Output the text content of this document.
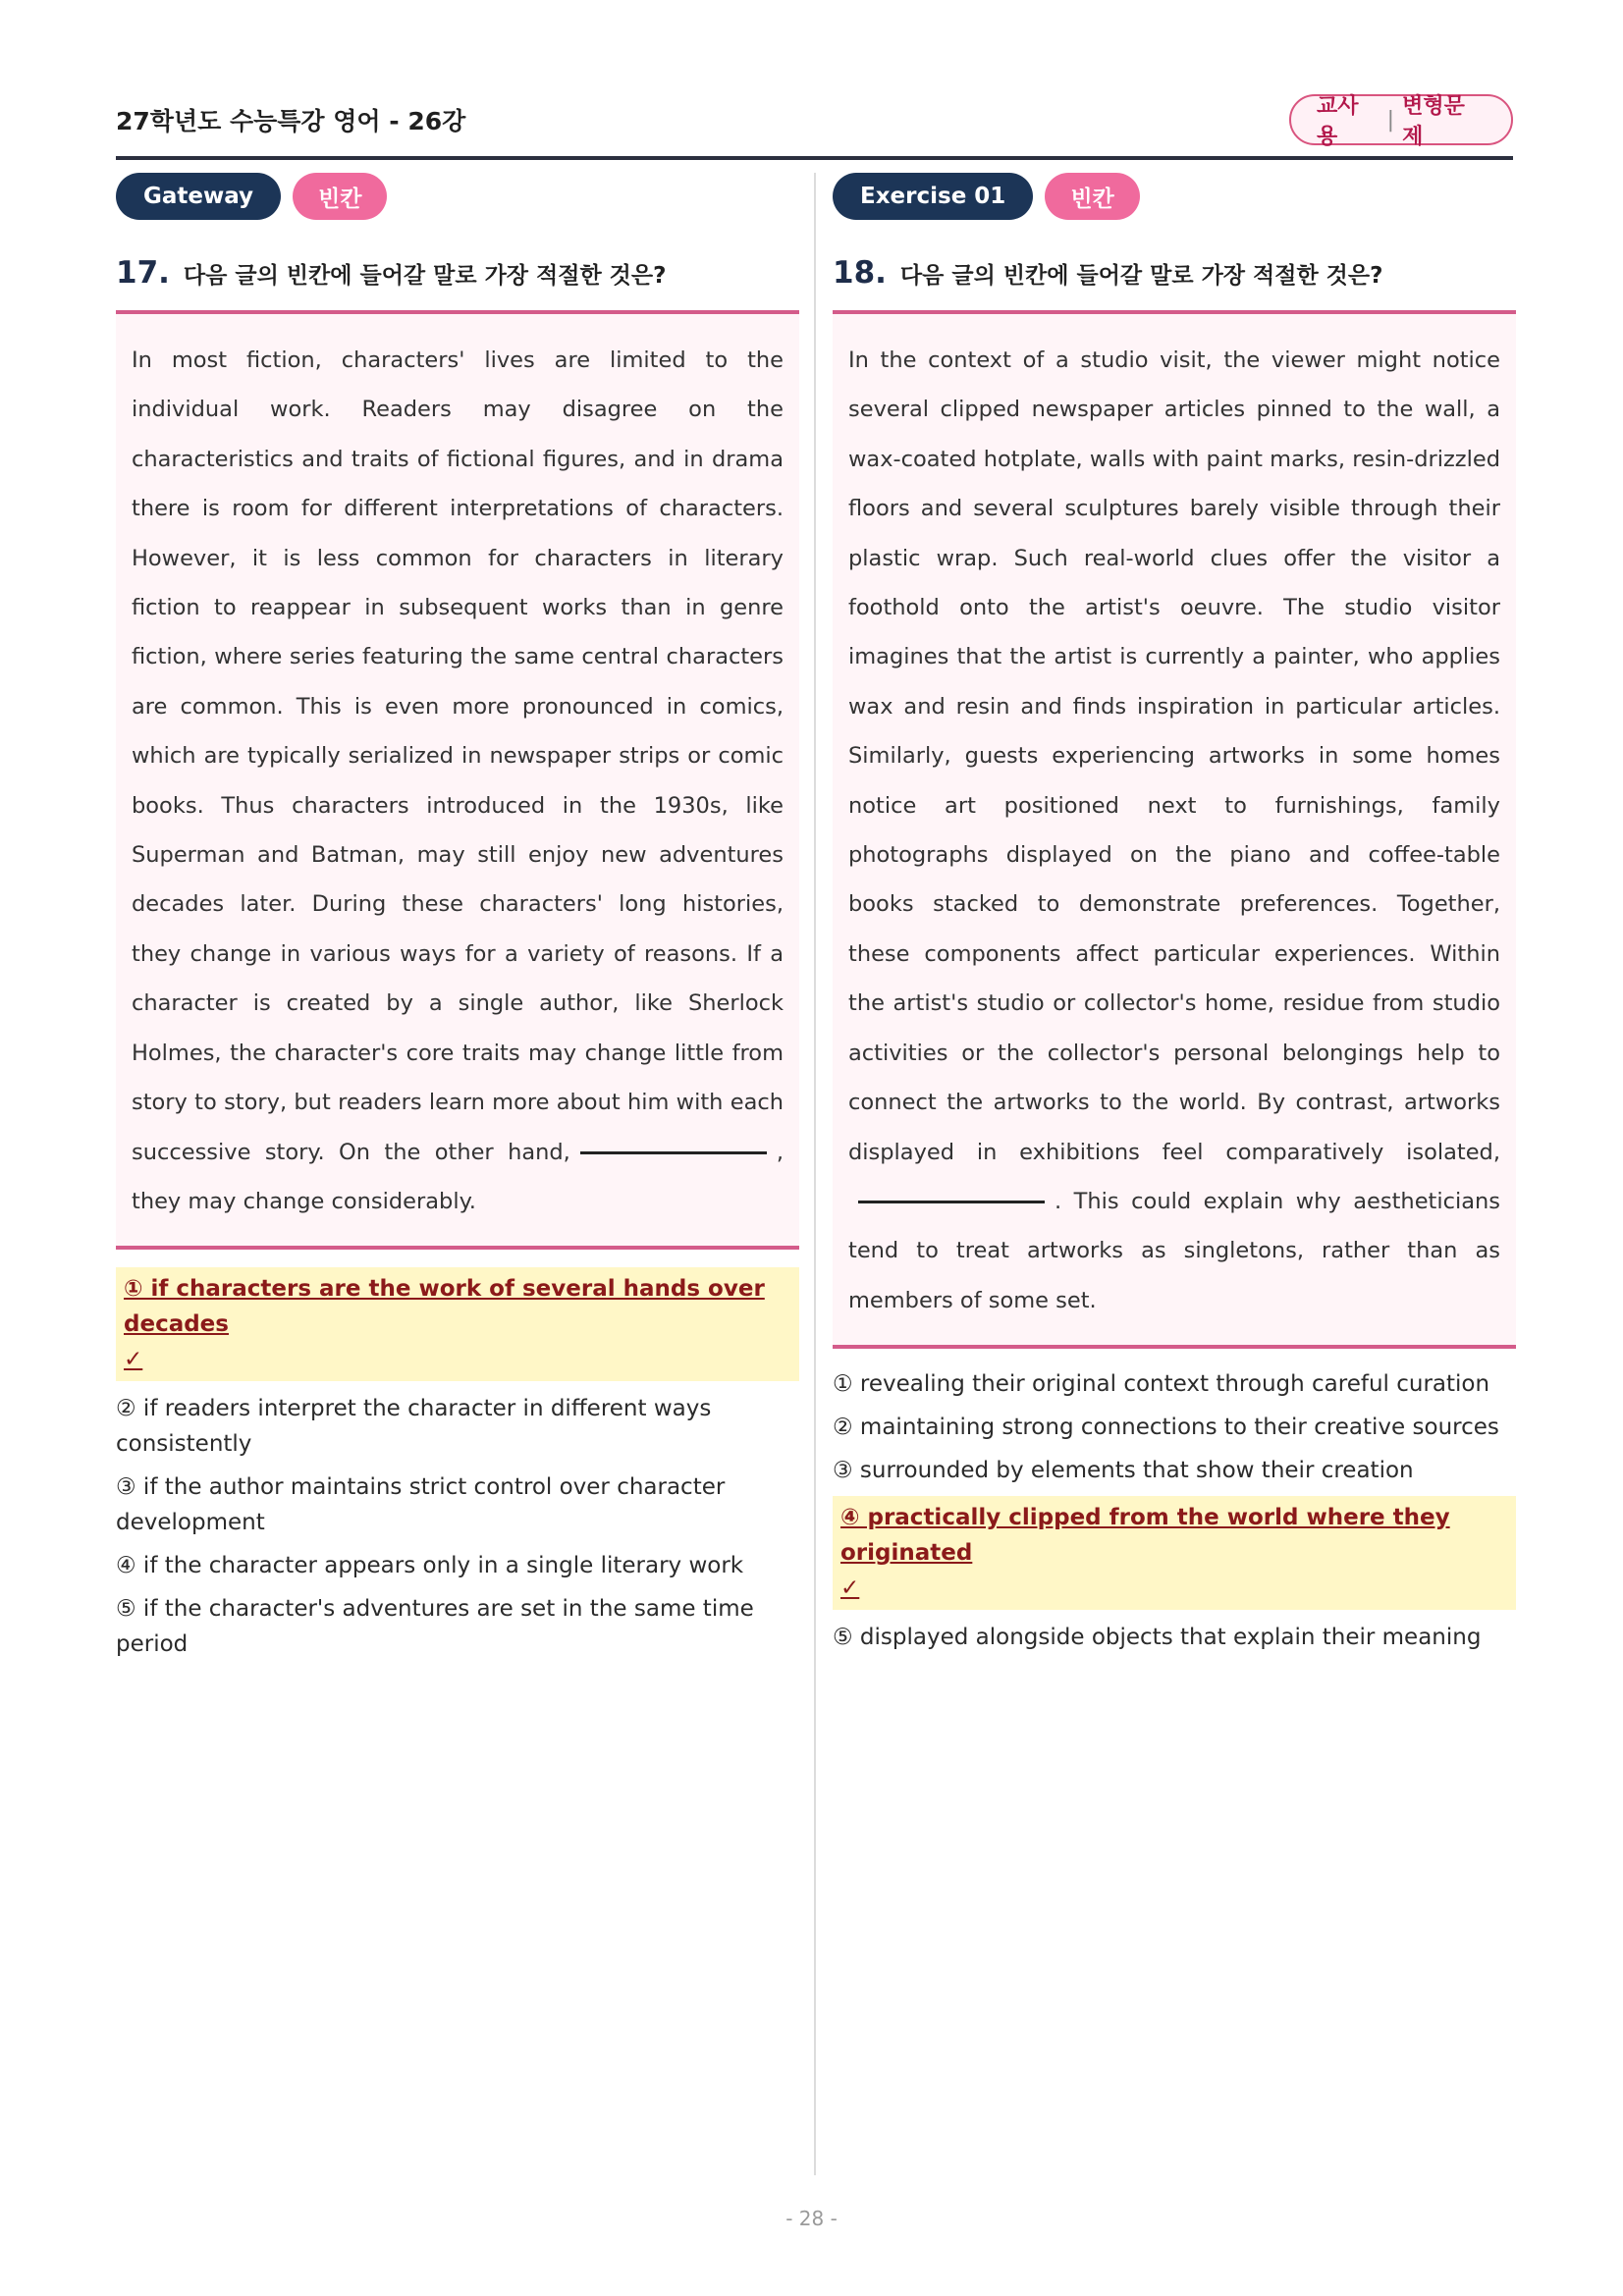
27학년도 수능특강 영어 - 26강
교사용
|
변형문제
Gateway	빈칸
17. 다음 글의 빈칸에 들어갈 말로 가장 적절한 것은?

In most fiction, characters' lives are limited to the individual work. Readers may disagree on the characteristics and traits of fictional figures, and in drama there is room for different interpretations of characters. However, it is less common for characters in literary fiction to reappear in subsequent works than in genre fiction, where series featuring the same central characters are common. This is even more pronounced in comics, which are typically serialized in newspaper strips or comic books. Thus characters introduced in the 1930s, like Superman and Batman, may still enjoy new adventures decades later. During these characters' long histories, they change in various ways for a variety of reasons. If a character is created by a single author, like Sherlock Holmes, the character's core traits may change little from story to story, but readers learn more about him with each successive story. On the other hand,	, they may change considerably.

① if characters are the work of several hands over decades
✓
② if readers interpret the character in different ways consistently
③ if the author maintains strict control over character development
④ if the character appears only in a single literary work
⑤ if the character's adventures are set in the same time period
Exercise 01	빈칸
18. 다음 글의 빈칸에 들어갈 말로 가장 적절한 것은?

In the context of a studio visit, the viewer might notice several clipped newspaper articles pinned to the wall, a wax-coated hotplate, walls with paint marks, resin-drizzled floors and several sculptures barely visible through their plastic wrap. Such real-world clues offer the visitor a foothold onto the artist's oeuvre. The studio visitor imagines that the artist is currently a painter, who applies wax and resin and finds inspiration in particular articles. Similarly, guests experiencing artworks in some homes notice art positioned next to furnishings, family photographs displayed on the piano and coffee-table books stacked to demonstrate preferences. Together, these components affect particular experiences. Within the artist's studio or collector's home, residue from studio activities or the collector's personal belongings help to connect the artworks to the world. By contrast, artworks displayed in exhibitions feel comparatively isolated,. This could explain why aestheticians tend to treat artworks as singletons, rather than as members of some set.

① revealing their original context through careful curation
② maintaining strong connections to their creative sources
③ surrounded by elements that show their creation
④ practically clipped from the world where they originated
✓
⑤ displayed alongside objects that explain their meaning
- 28 -
